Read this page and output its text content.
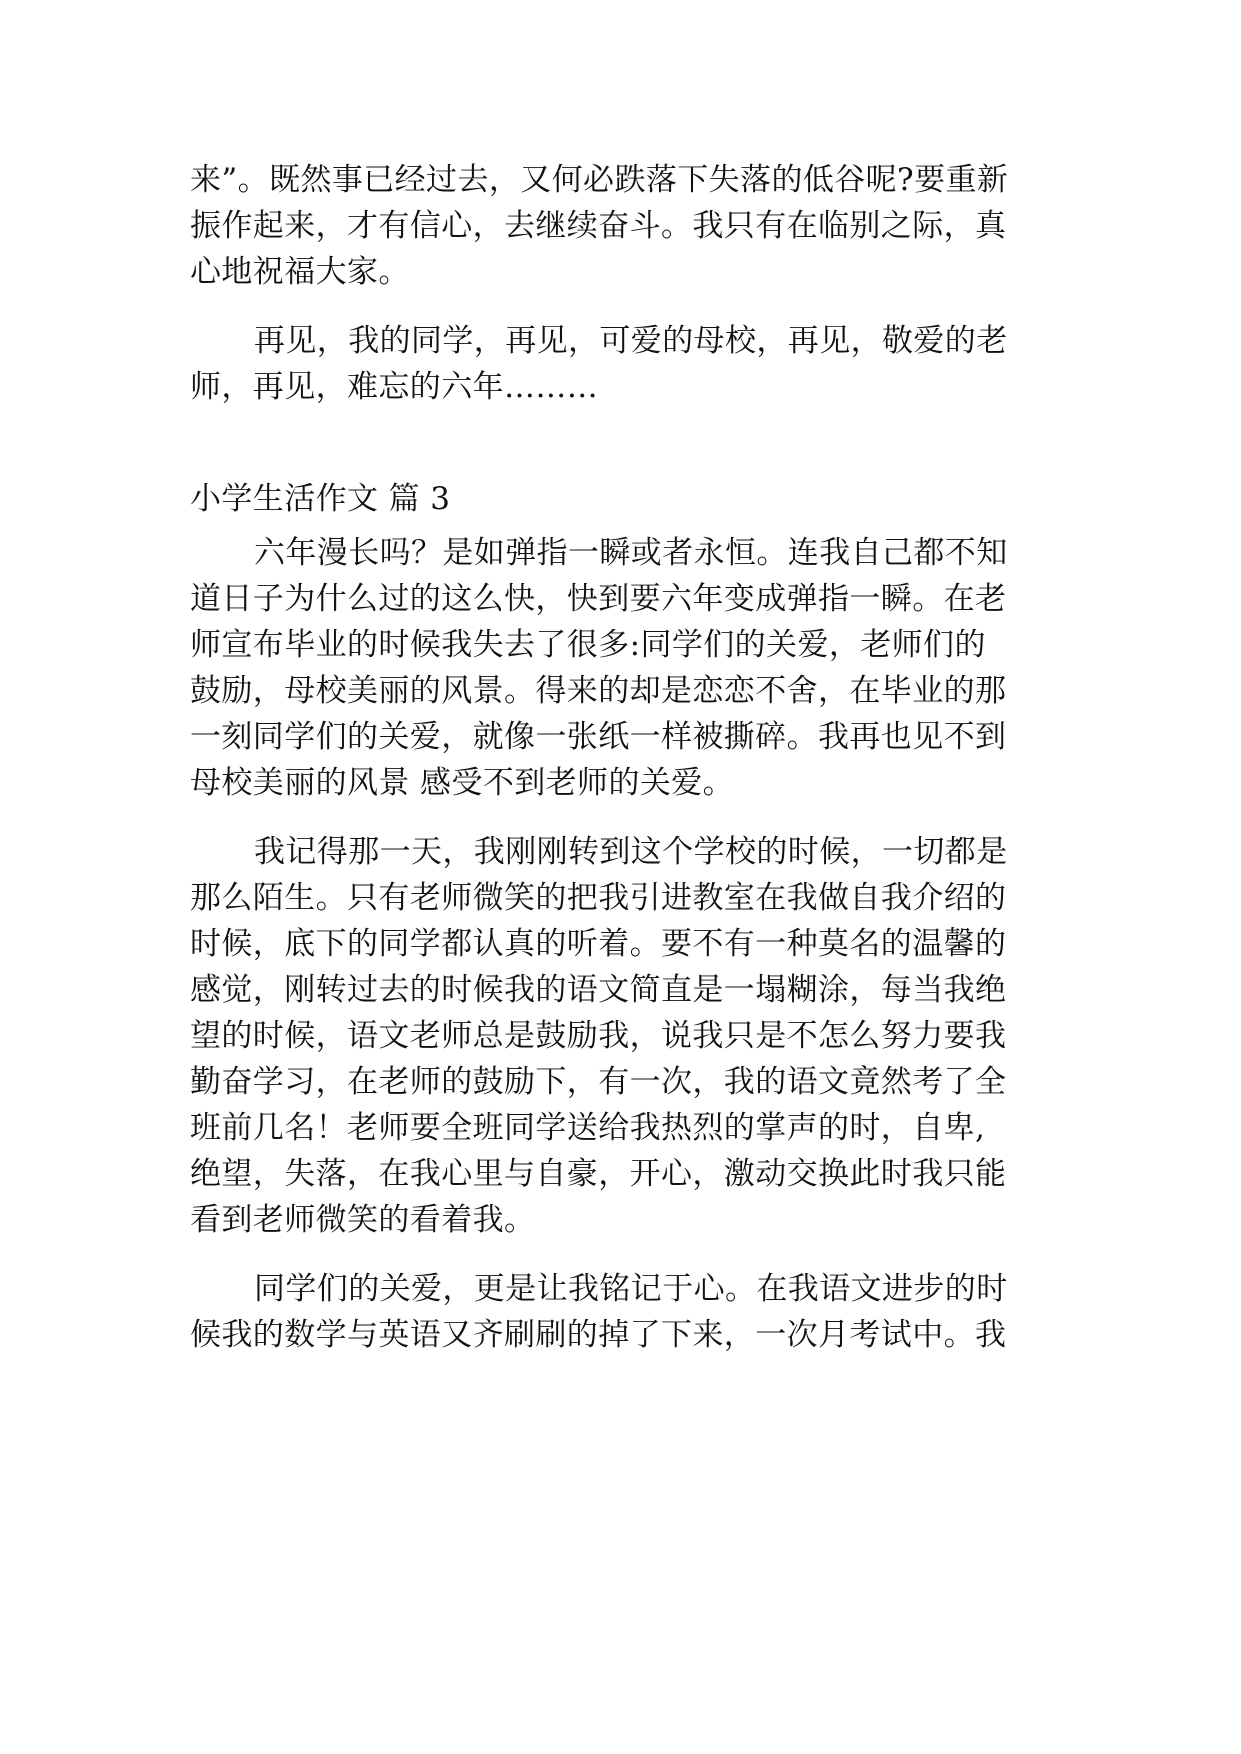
来”。既然事已经过去，又何必跌落下失落的低谷呢?要重新
振作起来，才有信心，去继续奋斗。我只有在临别之际，真
心地祝福大家。

再见，我的同学，再见，可爱的母校，再见，敬爱的老
师，再见，难忘的六年………

小学生活作文 篇 3

六年漫长吗？是如弹指一瞬或者永恒。连我自己都不知
道日子为什么过的这么快，快到要六年变成弹指一瞬。在老
师宣布毕业的时候我失去了很多:同学们的关爱，老师们的
鼓励，母校美丽的风景。得来的却是恋恋不舍，在毕业的那
一刻同学们的关爱，就像一张纸一样被撕碎。我再也见不到
母校美丽的风景 感受不到老师的关爱。

我记得那一天，我刚刚转到这个学校的时候，一切都是
那么陌生。只有老师微笑的把我引进教室在我做自我介绍的
时候，底下的同学都认真的听着。要不有一种莫名的温馨的
感觉，刚转过去的时候我的语文简直是一塌糊涂，每当我绝
望的时候，语文老师总是鼓励我，说我只是不怎么努力要我
勤奋学习，在老师的鼓励下，有一次，我的语文竟然考了全
班前几名！老师要全班同学送给我热烈的掌声的时，自卑,
绝望，失落，在我心里与自豪，开心，激动交换此时我只能
看到老师微笑的看着我。

同学们的关爱，更是让我铭记于心。在我语文进步的时
候我的数学与英语又齐刷刷的掉了下来，一次月考试中。我
